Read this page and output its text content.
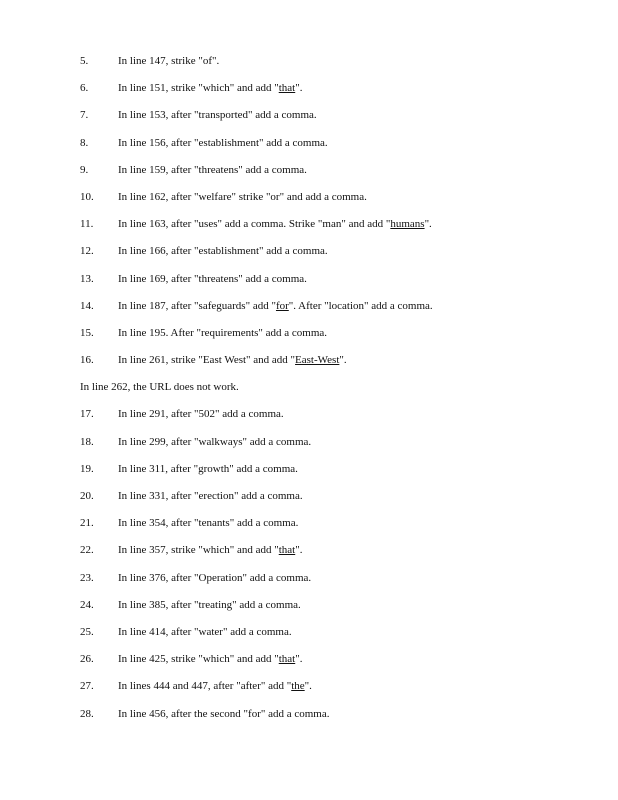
5.	In line 147, strike "of".
6.	In line 151, strike "which" and add "that".
7.	In line 153, after "transported" add a comma.
8.	In line 156, after "establishment" add a comma.
9.	In line 159, after "threatens" add a comma.
10.	In line 162, after "welfare" strike "or" and add a comma.
11.	In line 163, after "uses" add a comma. Strike "man" and add "humans".
12.	In line 166, after "establishment" add a comma.
13.	In line 169, after "threatens" add a comma.
14.	In line 187, after "safeguards" add "for". After "location" add a comma.
15.	In line 195. After "requirements" add a comma.
16.	In line 261, strike "East West" and add "East-West".
In line 262, the URL does not work.
17.	In line 291, after "502" add a comma.
18.	In line 299, after "walkways" add a comma.
19.	In line 311, after "growth" add a comma.
20.	In line 331, after "erection" add a comma.
21.	In line 354, after "tenants" add a comma.
22.	In line 357, strike "which" and add "that".
23.	In line 376, after "Operation" add a comma.
24.	In line 385, after "treating" add a comma.
25.	In line 414, after "water" add a comma.
26.	In line 425, strike "which" and add "that".
27.	In lines 444 and 447, after "after" add "the".
28.	In line 456, after the second "for" add a comma.
